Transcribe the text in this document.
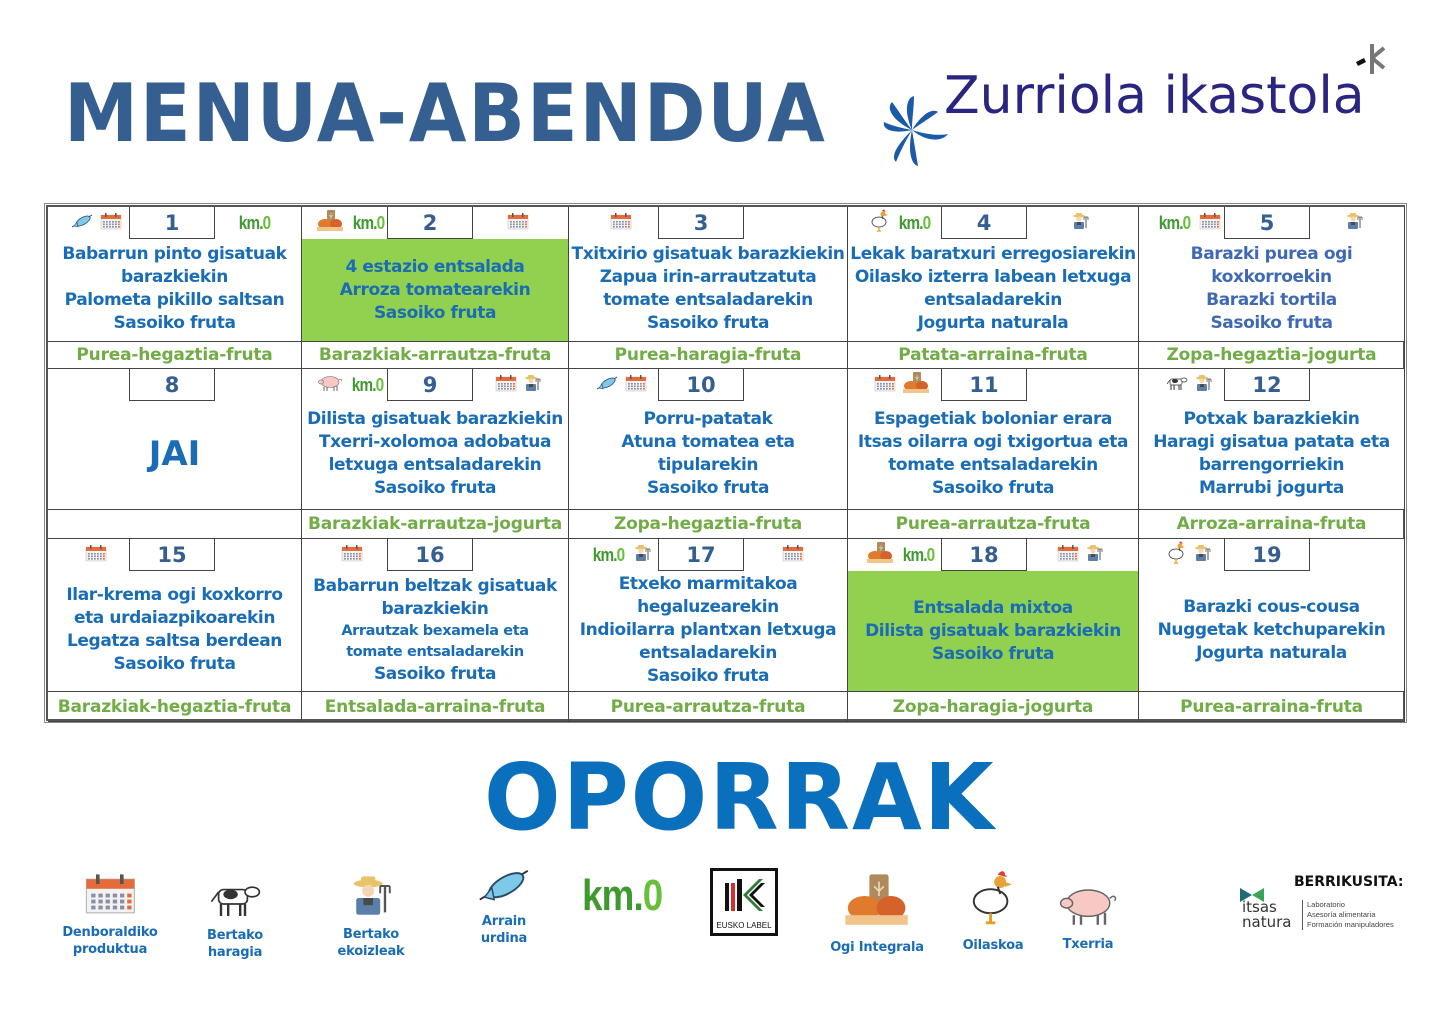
MENUA-ABENDUA Zurriola ikastola
1	km.0
Babarrun pinto gisatuak
barazkiekin
Palometa pikillo saltsan
Sasoiko fruta
Purea-hegaztia-fruta
2
km.0
4 estazio entsalada
Arroza tomatearekin
Sasoiko fruta
Barazkiak-arrautza-fruta
3
Txitxirio gisatuak barazkiekin
Zapua irin-arrautzatuta
tomate entsaladarekin
Sasoiko fruta
Purea-haragia-fruta
4
km.0
Lekak baratxuri erregosiarekin
Oilasko izterra labean letxuga
entsaladarekin
Jogurta naturala
Patata-arraina-fruta
5
km.0
Barazki purea ogi
koxkorroekin
Barazki tortila
Sasoiko fruta
Zopa-hegaztia-jogurta
8
JAI
9
km.0
Dilista gisatuak barazkiekin
Txerri-xolomoa adobatua
letxuga entsaladarekin
Sasoiko fruta
Barazkiak-arrautza-jogurta
10
Porru-patatak
Atuna tomatea eta
tipularekin
Sasoiko fruta
Zopa-hegaztia-fruta
11
Espagetiak boloniar erara
Itsas oilarra ogi txigortua eta
tomate entsaladarekin
Sasoiko fruta
Purea-arrautza-fruta
12
Potxak barazkiekin
Haragi gisatua patata eta
barrengorriekin
Marrubi jogurta
Arroza-arraina-fruta
15
Ilar-krema ogi koxkorro
eta urdaiazpikoarekin
Legatza saltsa berdean
Sasoiko fruta
Barazkiak-hegaztia-fruta
16
Babarrun beltzak gisatuak
barazkiekin
Arrautzak bexamela eta
tomate entsaladarekin
Sasoiko fruta
Entsalada-arraina-fruta
17
km.0
Etxeko marmitakoa
hegaluzearekin
Indioilarra plantxan letxuga
entsaladarekin
Sasoiko fruta
Purea-arrautza-fruta
18
km.0
Entsalada mixtoa
Dilista gisatuak barazkiekin
Sasoiko fruta
Zopa-haragia-jogurta
19
Barazki cous-cousa
Nuggetak ketchuparekin
Jogurta naturala
Purea-arraina-fruta
OPORRAK
Denboraldiko
produktua
Bertako haragia
Bertako ekoizleak
Arrain urdina
km.0
EUSKO LABEL
Ogi Integrala	Oilaskoa	Txerria
BERRIKUSITA:
itsas
natura
Laboratorio
Asesoría alimentaria
Formación manipuladores
